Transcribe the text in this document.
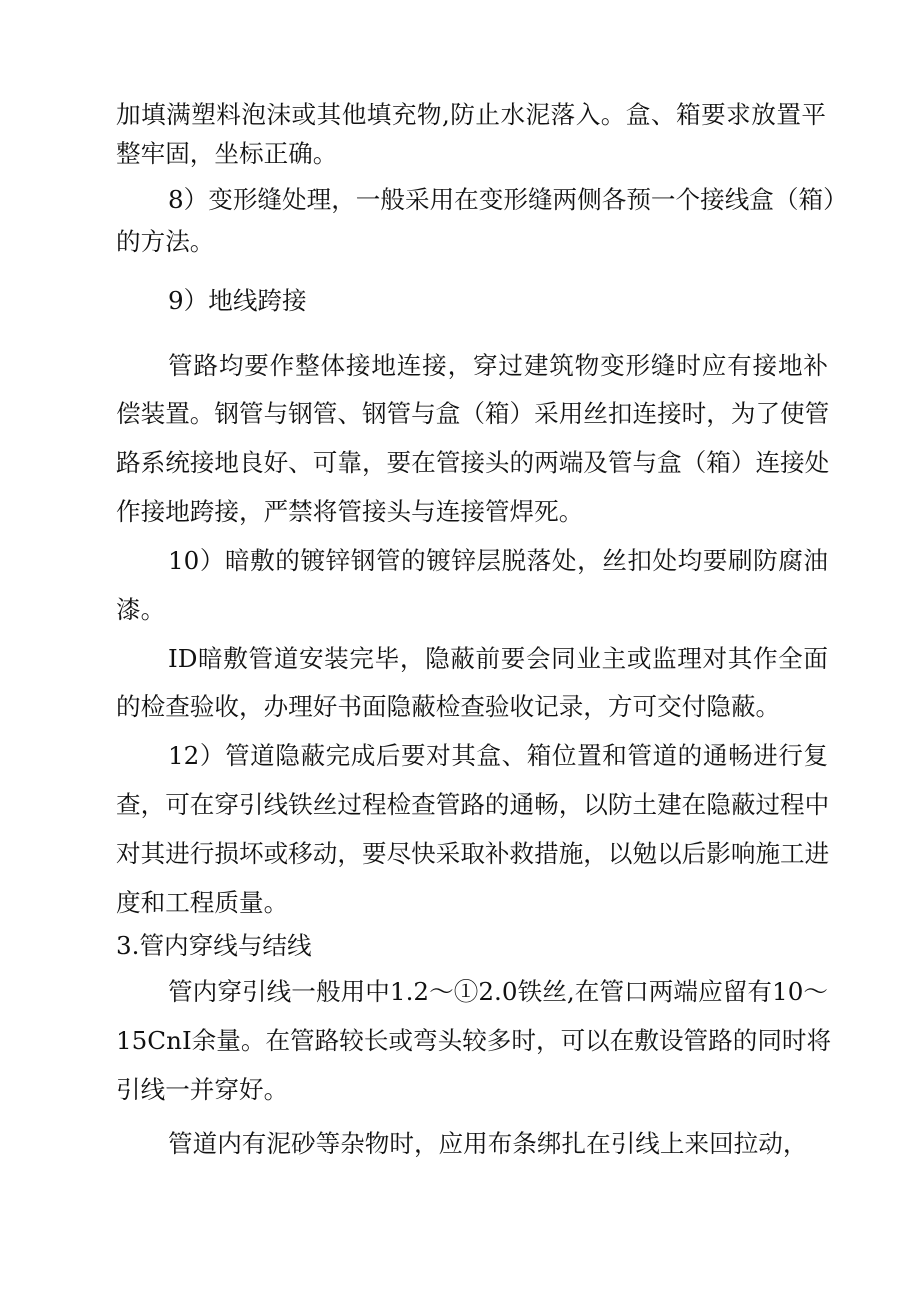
加填满塑料泡沫或其他填充物,防止水泥落入。盒、箱要求放置平
整牢固，坐标正确。
8）变形缝处理，一般采用在变形缝两侧各预一个接线盒（箱）
的方法。
9）地线跨接
管路均要作整体接地连接，穿过建筑物变形缝时应有接地补
偿装置。钢管与钢管、钢管与盒（箱）采用丝扣连接时，为了使管
路系统接地良好、可靠，要在管接头的两端及管与盒（箱）连接处
作接地跨接，严禁将管接头与连接管焊死。
10）暗敷的镀锌钢管的镀锌层脱落处，丝扣处均要刷防腐油
漆。
ID暗敷管道安装完毕，隐蔽前要会同业主或监理对其作全面
的检查验收，办理好书面隐蔽检查验收记录，方可交付隐蔽。
12）管道隐蔽完成后要对其盒、箱位置和管道的通畅进行复
查，可在穿引线铁丝过程检查管路的通畅，以防土建在隐蔽过程中
对其进行损坏或移动，要尽快采取补救措施，以勉以后影响施工进
度和工程质量。
3.管内穿线与结线
管内穿引线一般用中1.2～①2.0铁丝,在管口两端应留有10～
15CnI余量。在管路较长或弯头较多时，可以在敷设管路的同时将
引线一并穿好。
管道内有泥砂等杂物时，应用布条绑扎在引线上来回拉动，
